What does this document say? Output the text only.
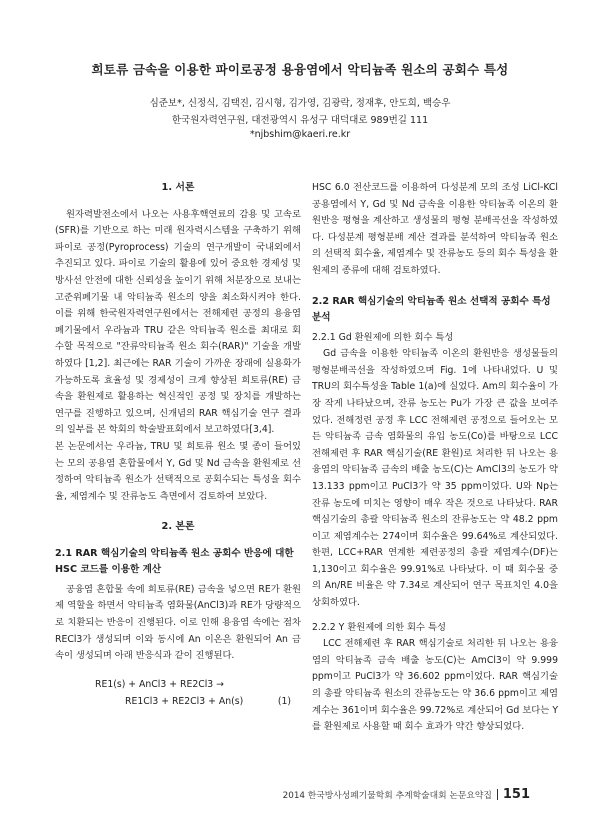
희토류 금속을 이용한 파이로공정 용융염에서 악티늄족 원소의 공회수 특성
심준보*, 신정식, 김택진, 김시형, 김가영, 김광락, 정재후, 안도희, 백승우
한국원자력연구원, 대전광역시 유성구 대덕대로 989번길 111
*njbshim@kaeri.re.kr
1. 서론

원자력발전소에서 나오는 사용후핵연료의 감용 및 고속로(SFR)를 기반으로 하는 미래 원자력시스템을 구축하기 위해 파이로 공정(Pyroprocess) 기술의 연구개발이 국내외에서 추진되고 있다. 파이로 기술의 활용에 있어 중요한 경제성 및 방사선 안전에 대한 신뢰성을 높이기 위해 처분장으로 보내는 고준위폐기물 내 악티늄족 원소의 양을 최소화시켜야 한다. 이를 위해 한국원자력연구원에서는 전해제련 공정의 용융염 폐기물에서 우라늄과 TRU 같은 악티늄족 원소를 최대로 회수할 목적으로 "잔류악티늄족 원소 회수(RAR)" 기술을 개발하였다 [1,2]. 최근에는 RAR 기술이 가까운 장래에 실용화가 가능하도록 효율성 및 경제성이 크게 향상된 희토류(RE) 금속을 환원제로 활용하는 혁신적인 공정 및 장치를 개발하는 연구를 진행하고 있으며, 신개념의 RAR 핵심기술 연구 결과의 일부를 본 학회의 학술발표회에서 보고하였다[3,4].

본 논문에서는 우라늄, TRU 및 희토류 원소 몇 종이 들어있는 모의 공용염 혼합물에서 Y, Gd 및 Nd 금속을 환원제로 선정하여 악티늄족 원소가 선택적으로 공회수되는 특성을 회수율, 제염계수 및 잔류농도 측면에서 검토하여 보았다.

2. 본론
2.1 RAR 핵심기술의 악티늄족 원소 공회수 반응에 대한 HSC 코드를 이용한 계산

공융염 혼합물 속에 희토류(RE) 금속을 넣으면 RE가 환원제 역할을 하면서 악티늄족 염화물(AnCl3)과 RE가 당량적으로 치환되는 반응이 진행된다. 이로 인해 용융염 속에는 점차 RECl3가 생성되며 이와 동시에 An 이온은 환원되어 An 금속이 생성되며 아래 반응식과 같이 진행된다.

RE1(s) + AnCl3 + RE2Cl3 →
RE1Cl3 + RE2Cl3 + An(s)	(1)

HSC 6.0 전산코드를 이용하여 다성분계 모의 조성 LiCl-KCl 공용염에서 Y, Gd 및 Nd 금속을 이용한 악티늄족 이온의 환원반응 평형을 계산하고 생성물의 평형 분배곡선을 작성하였다. 다성분계 평형분배 계산 결과를 분석하여 악티늄족 원소의 선택적 회수율, 제염계수 및 잔류농도 등의 회수 특성을 환원제의 종류에 대해 검토하였다.

2.2 RAR 핵심기술의 악티늄족 원소 선택적 공회수 특성 분석
2.2.1 Gd 환원제에 의한 회수 특성

Gd 금속을 이용한 악티늄족 이온의 환원반응 생성물들의 평형분배곡선을 작성하였으며 Fig. 1에 나타내었다. U 및 TRU의 회수특성을 Table 1(a)에 실었다. Am의 회수율이 가장 작게 나타났으며, 잔류 농도는 Pu가 가장 큰 값을 보여주었다. 전해정련 공정 후 LCC 전해제련 공정으로 들어오는 모든 악티늄족 금속 염화물의 유입 농도(Co)를 바탕으로 LCC 전해제련 후 RAR 핵심기술(RE 환원)로 처리한 뒤 나오는 용융염의 악티늄족 금속의 배출 농도(C)는 AmCl3의 농도가 약 13.133 ppm이고 PuCl3가 약 35 ppm이었다. U와 Np는 잔류 농도에 미치는 영향이 매우 작은 것으로 나타났다. RAR 핵심기술의 총괄 악티늄족 원소의 잔류농도는 약 48.2 ppm이고 제염계수는 274이며 회수율은 99.64%로 계산되었다. 한편, LCC+RAR 연계한 제련공정의 총괄 제염계수(DF)는 1,130이고 회수율은 99.91%로 나타났다. 이 때 회수물 중의 An/RE 비율은 약 7.34로 계산되어 연구 목표치인 4.0을 상회하였다.

2.2.2 Y 환원제에 의한 회수 특성

LCC 전해제련 후 RAR 핵심기술로 처리한 뒤 나오는 용융염의 악티늄족 금속 배출 농도(C)는 AmCl3이 약 9.999 ppm이고 PuCl3가 약 36.602 ppm이었다. RAR 핵심기술의 총괄 악티늄족 원소의 잔류농도는 약 36.6 ppm이고 제염계수는 361이며 회수율은 99.72%로 계산되어 Gd 보다는 Y를 환원제로 사용할 때 회수 효과가 약간 향상되었다.

2014 한국방사성폐기물학회 추계학술대회 논문요약집 151
